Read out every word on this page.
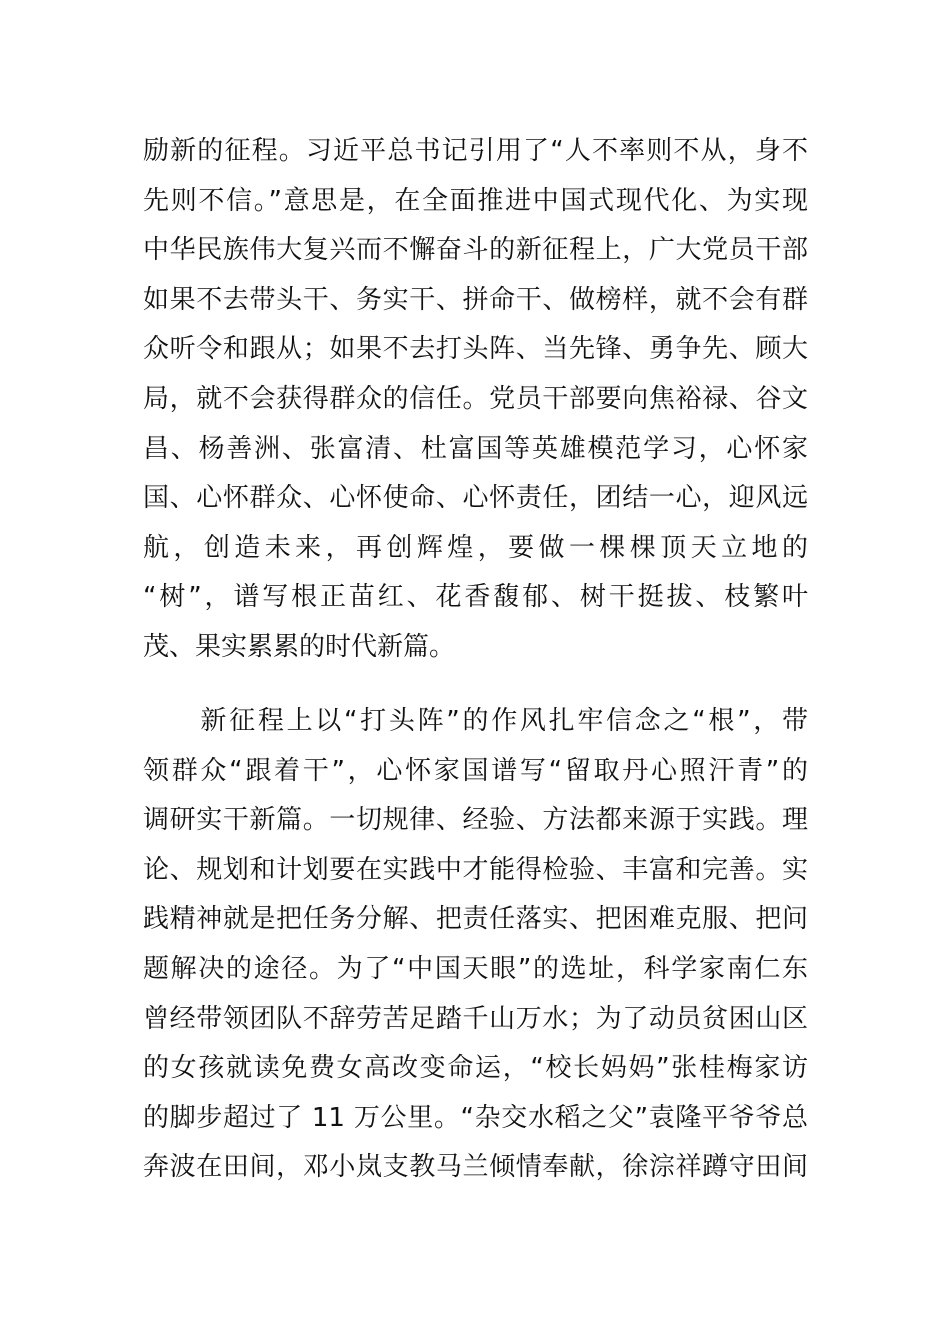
励新的征程。习近平总书记引用了“人不率则不从，身不
先则不信。”意思是，在全面推进中国式现代化、为实现
中华民族伟大复兴而不懈奋斗的新征程上，广大党员干部
如果不去带头干、务实干、拼命干、做榜样，就不会有群
众听令和跟从；如果不去打头阵、当先锋、勇争先、顾大
局，就不会获得群众的信任。党员干部要向焦裕禄、谷文
昌、杨善洲、张富清、杜富国等英雄模范学习，心怀家
国、心怀群众、心怀使命、心怀责任，团结一心，迎风远
航，创造未来，再创辉煌，要做一棵棵顶天立地的
“树”，谱写根正苗红、花香馥郁、树干挺拔、枝繁叶
茂、果实累累的时代新篇。
　　新征程上以“打头阵”的作风扎牢信念之“根”，带
领群众“跟着干”，心怀家国谱写“留取丹心照汗青”的
调研实干新篇。一切规律、经验、方法都来源于实践。理
论、规划和计划要在实践中才能得检验、丰富和完善。实
践精神就是把任务分解、把责任落实、把困难克服、把问
题解决的途径。为了“中国天眼”的选址，科学家南仁东
曾经带领团队不辞劳苦足踏千山万水；为了动员贫困山区
的女孩就读免费女高改变命运，“校长妈妈”张桂梅家访
的脚步超过了 11 万公里。“杂交水稻之父”袁隆平爷爷总
奔波在田间，邓小岚支教马兰倾情奉献，徐淙祥蹲守田间
